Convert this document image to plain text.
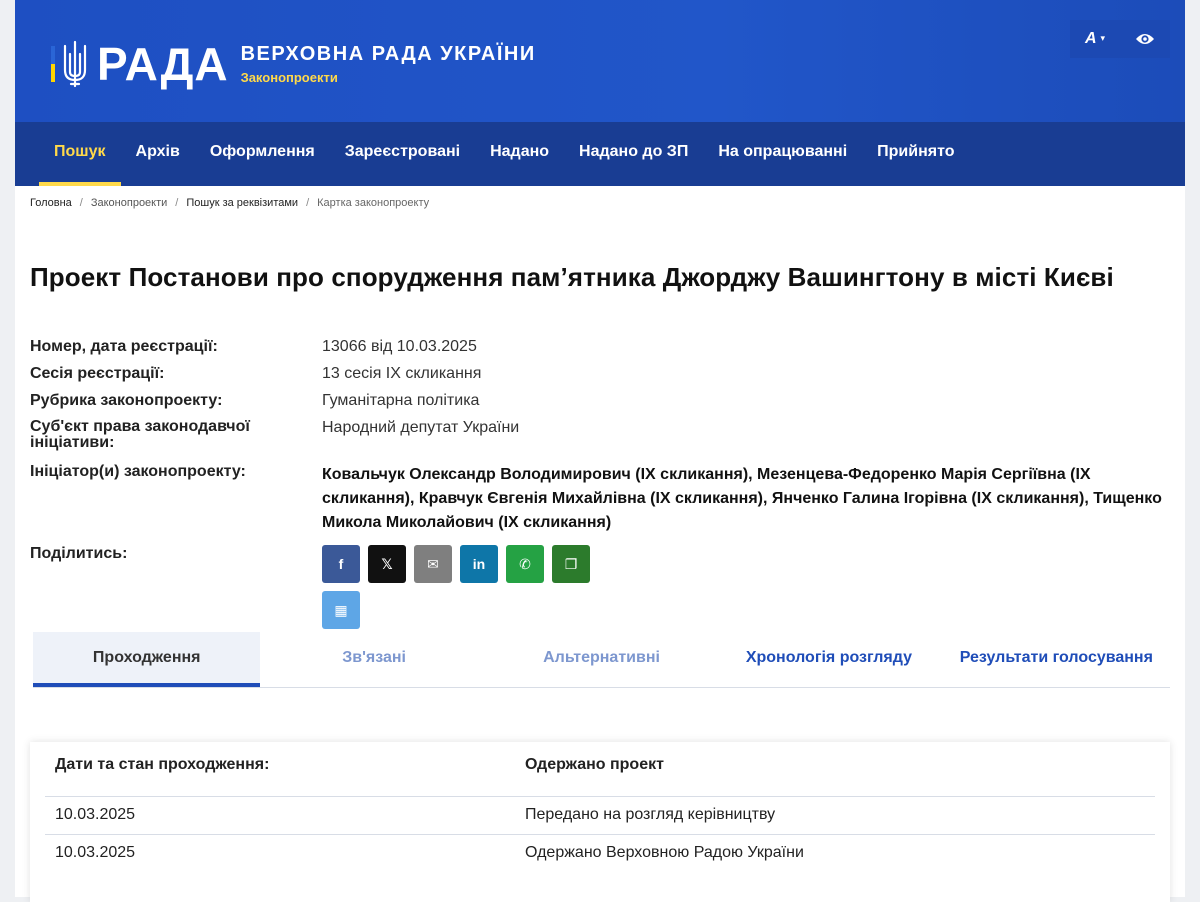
РАДА ВЕРХОВНА РАДА УКРАЇНИ
Законопроекти
A ▾
Пошук	Архів	Оформлення	Зареєстровані	Надано	Надано до ЗП	На опрацюванні	Прийнято
Головна / Законопроекти / Пошук за реквізитами / Картка законопроекту
Проект Постанови про спорудження пам’ятника Джорджу Вашингтону в місті Києві
Номер, дата реєстрації:	13066 від 10.03.2025
Сесія реєстрації:	13 сесія IX скликання
Рубрика законопроекту:	Гуманітарна політика
Суб'єкт права законодавчої ініціативи:
Народний депутат України
Ініціатор(и) законопроекту:	Ковальчук Олександр Володимирович (IX скликання), Мезенцева-Федоренко Марія Сергіївна (IX скликання), Кравчук Євгенія Михайлівна (IX скликання), Янченко Галина Ігорівна (IX скликання), Тищенко Микола Миколайович (IX скликання)
Поділитись:
f	𝕏 ✉ in ✆ ❐
▦
Проходження	Зв'язані	Альтернативні	Хронологія розгляду	Результати голосування
Дати та стан проходження:	Одержано проект
10.03.2025	Передано на розгляд керівництву
10.03.2025	Одержано Верховною Радою України
